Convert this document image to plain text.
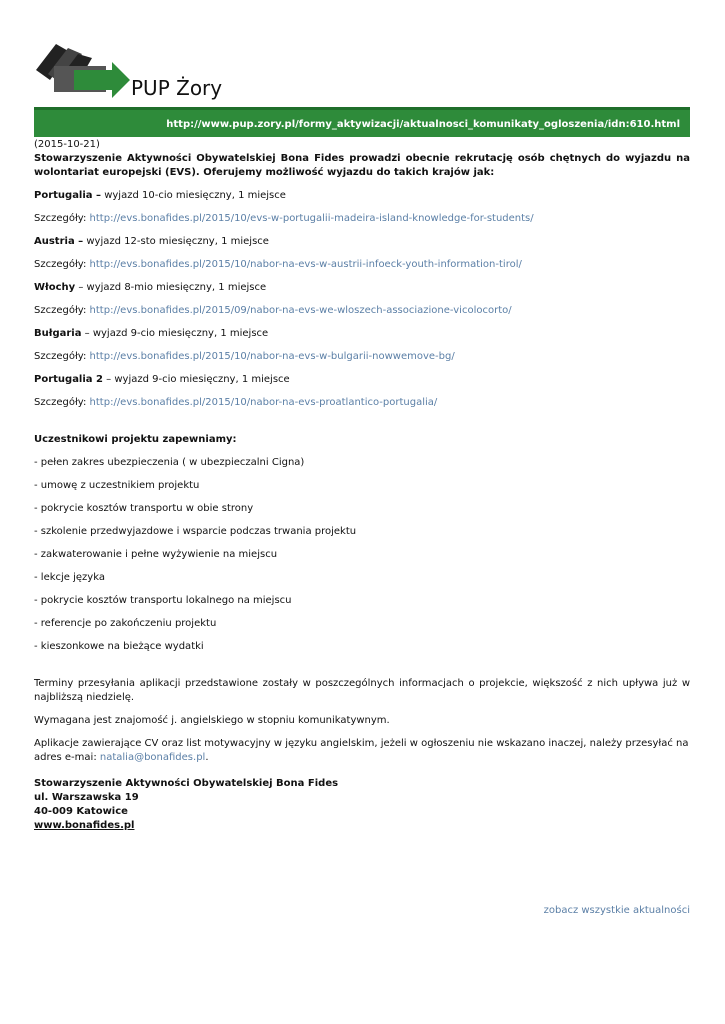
PUP Żory
http://www.pup.zory.pl/formy_aktywizacji/aktualnosci_komunikaty_ogloszenia/idn:610.html

(2015-10-21)

Stowarzyszenie Aktywności Obywatelskiej Bona Fides prowadzi obecnie rekrutację osób chętnych do wyjazdu na wolontariat europejski (EVS). Oferujemy możliwość wyjazdu do takich krajów jak:

Portugalia – wyjazd 10-cio miesięczny, 1 miejsce

Szczegóły: http://evs.bonafides.pl/2015/10/evs-w-portugalii-madeira-island-knowledge-for-students/

Austria – wyjazd 12-sto miesięczny, 1 miejsce

Szczegóły: http://evs.bonafides.pl/2015/10/nabor-na-evs-w-austrii-infoeck-youth-information-tirol/

Włochy – wyjazd 8-mio miesięczny, 1 miejsce

Szczegóły: http://evs.bonafides.pl/2015/09/nabor-na-evs-we-wloszech-associazione-vicolocorto/

Bułgaria – wyjazd 9-cio miesięczny, 1 miejsce

Szczegóły: http://evs.bonafides.pl/2015/10/nabor-na-evs-w-bulgarii-nowwemove-bg/

Portugalia 2 – wyjazd 9-cio miesięczny, 1 miejsce

Szczegóły: http://evs.bonafides.pl/2015/10/nabor-na-evs-proatlantico-portugalia/

Uczestnikowi projektu zapewniamy:

- pełen zakres ubezpieczenia ( w ubezpieczalni Cigna)

- umowę z uczestnikiem projektu

- pokrycie kosztów transportu w obie strony

- szkolenie przedwyjazdowe i wsparcie podczas trwania projektu

- zakwaterowanie i pełne wyżywienie na miejscu

- lekcje języka

- pokrycie kosztów transportu lokalnego na miejscu

- referencje po zakończeniu projektu

- kieszonkowe na bieżące wydatki

Terminy przesyłania aplikacji przedstawione zostały w poszczególnych informacjach o projekcie, większość z nich upływa już w najbliższą niedzielę.

Wymagana jest znajomość j. angielskiego w stopniu komunikatywnym.

Aplikacje zawierające CV oraz list motywacyjny w języku angielskim, jeżeli w ogłoszeniu nie wskazano inaczej, należy przesyłać na adres e-mai: natalia@bonafides.pl.

Stowarzyszenie Aktywności Obywatelskiej Bona Fides

ul. Warszawska 19

40-009 Katowice

www.bonafides.pl

zobacz wszystkie aktualności
